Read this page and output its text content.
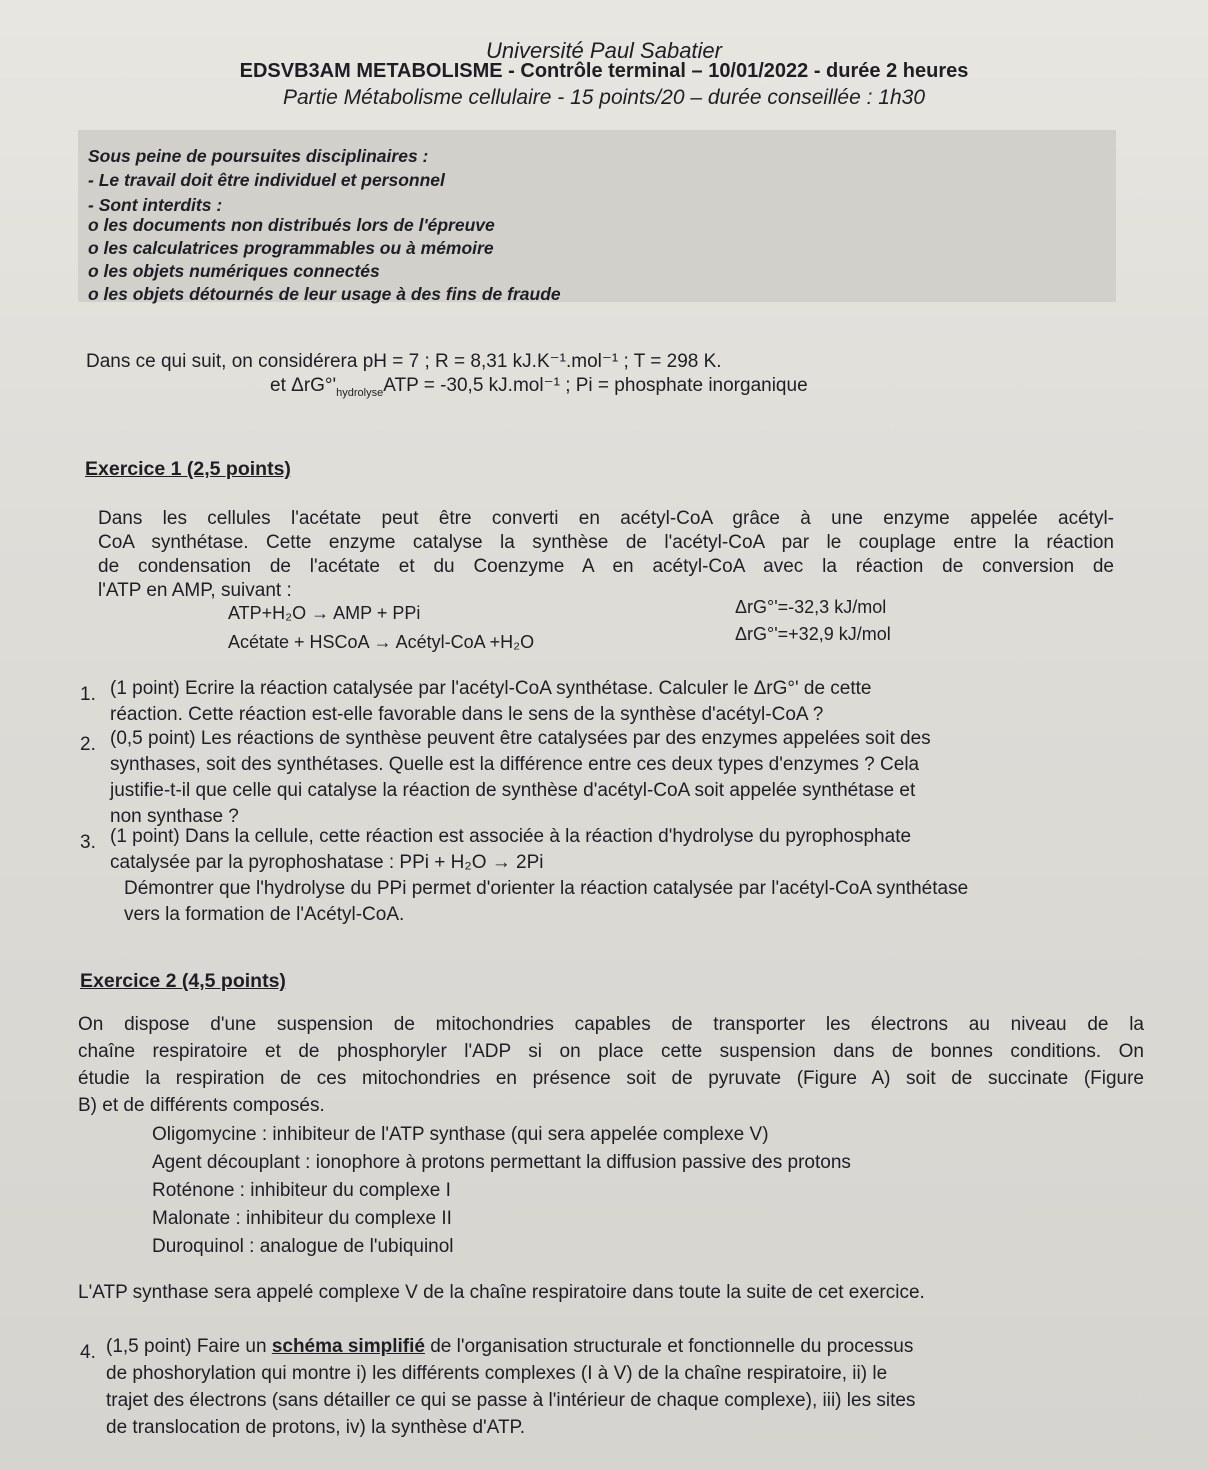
Université Paul Sabatier
EDSVB3AM METABOLISME - Contrôle terminal – 10/01/2022 - durée 2 heures
Partie Métabolisme cellulaire - 15 points/20 – durée conseillée : 1h30
Sous peine de poursuites disciplinaires :
- Le travail doit être individuel et personnel
- Sont interdits :
o les documents non distribués lors de l'épreuve
o les calculatrices programmables ou à mémoire
o les objets numériques connectés
o les objets détournés de leur usage à des fins de fraude
Dans ce qui suit, on considérera pH = 7 ; R = 8,31 kJ.K⁻¹.mol⁻¹ ; T = 298 K.
et $\Delta rG^\circ'_{hydrolyse}ATP = -30,5$ kJ.mol⁻¹ ; Pi = phosphate inorganique
Exercice 1 (2,5 points)
Dans les cellules l'acétate peut être converti en acétyl-CoA grâce à une enzyme appelée acétyl-
CoA synthétase. Cette enzyme catalyse la synthèse de l'acétyl-CoA par le couplage entre la réaction
de condensation de l'acétate et du Coenzyme A en acétyl-CoA avec la réaction de conversion de
l'ATP en AMP, suivant :
ATP+H₂O → AMP + PPi	ΔrG°'=-32,3 kJ/mol
Acétate + HSCoA → Acétyl-CoA +H₂O	ΔrG°'=+32,9 kJ/mol
1. (1 point) Ecrire la réaction catalysée par l'acétyl-CoA synthétase. Calculer le ΔrG°' de cette
réaction. Cette réaction est-elle favorable dans le sens de la synthèse d'acétyl-CoA ?
2. (0,5 point) Les réactions de synthèse peuvent être catalysées par des enzymes appelées soit des
synthases, soit des synthétases. Quelle est la différence entre ces deux types d'enzymes ? Cela
justifie-t-il que celle qui catalyse la réaction de synthèse d'acétyl-CoA soit appelée synthétase et
non synthase ?
3. (1 point) Dans la cellule, cette réaction est associée à la réaction d'hydrolyse du pyrophosphate
catalysée par la pyrophoshatase : PPi + H₂O → 2Pi
Démontrer que l'hydrolyse du PPi permet d'orienter la réaction catalysée par l'acétyl-CoA synthétase
vers la formation de l'Acétyl-CoA.
Exercice 2 (4,5 points)
On dispose d'une suspension de mitochondries capables de transporter les électrons au niveau de la
chaîne respiratoire et de phosphoryler l'ADP si on place cette suspension dans de bonnes conditions. On
étudie la respiration de ces mitochondries en présence soit de pyruvate (Figure A) soit de succinate (Figure
B) et de différents composés.
Oligomycine : inhibiteur de l'ATP synthase (qui sera appelée complexe V)
Agent découplant : ionophore à protons permettant la diffusion passive des protons
Roténone : inhibiteur du complexe I
Malonate : inhibiteur du complexe II
Duroquinol : analogue de l'ubiquinol
L'ATP synthase sera appelé complexe V de la chaîne respiratoire dans toute la suite de cet exercice.
4. (1,5 point) Faire un schéma simplifié de l'organisation structurale et fonctionnelle du processus
de phoshorylation qui montre i) les différents complexes (I à V) de la chaîne respiratoire, ii) le
trajet des électrons (sans détailler ce qui se passe à l'intérieur de chaque complexe), iii) les sites
de translocation de protons, iv) la synthèse d'ATP.
